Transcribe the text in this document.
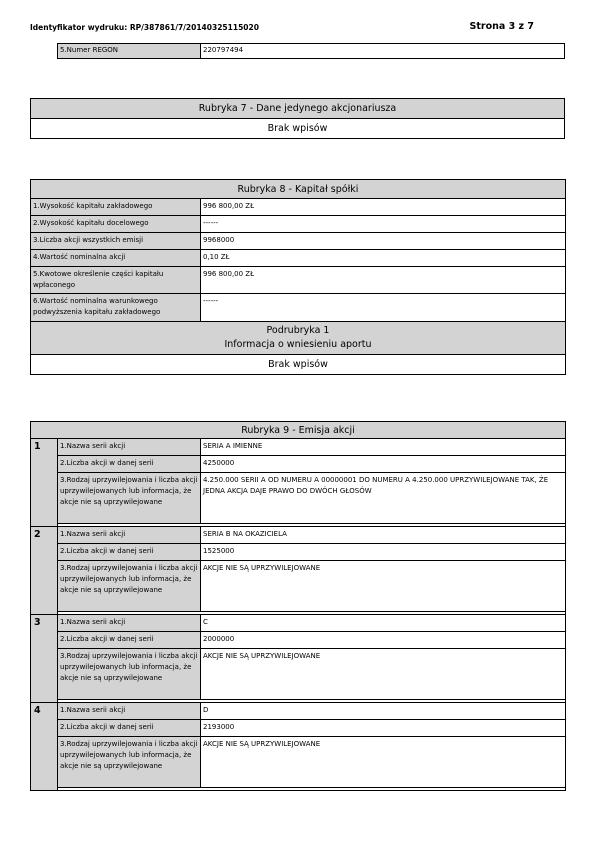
Identyfikator wydruku: RP/387861/7/20140325115020	Strona 3 z 7
5.Numer REGON	220797494
Rubryka 7 - Dane jedynego akcjonariusza
Brak wpisów
Rubryka 8 - Kapitał spółki	
1.Wysokość kapitału zakładowego	996 800,00 ZŁ
2.Wysokość kapitału docelowego	------
3.Liczba akcji wszystkich emisji	9968000
4.Wartość nominalna akcji	0,10 ZŁ
5.Kwotowe określenie części kapitału wpłaconego	996 800,00 ZŁ
6.Wartość nominalna warunkowego podwyższenia kapitału zakładowego	------

Podrubryka 1
Informacja o wniesieniu aportu	

Brak wpisów	
Rubryka 9 - Emisja akcji		
1	1.Nazwa serii akcji	SERIA A IMIENNE
	2.Liczba akcji w danej serii	4250000
	3.Rodzaj uprzywilejowania i liczba akcji uprzywilejowanych lub informacja, że akcje nie są uprzywilejowane	4.250.000 SERII A OD NUMERU A 00000001 DO NUMERU A 4.250.000 UPRZYWILEJOWANE TAK, ŻE JEDNA AKCJA DAJE PRAWO DO DWÓCH GŁOSÓW

2	1.Nazwa serii akcji	SERIA B NA OKAZICIELA
	2.Liczba akcji w danej serii	1525000
	3.Rodzaj uprzywilejowania i liczba akcji uprzywilejowanych lub informacja, że akcje nie są uprzywilejowane	AKCJE NIE SĄ UPRZYWILEJOWANE

3	1.Nazwa serii akcji	C
	2.Liczba akcji w danej serii	2000000
	3.Rodzaj uprzywilejowania i liczba akcji uprzywilejowanych lub informacja, że akcje nie są uprzywilejowane	AKCJE NIE SĄ UPRZYWILEJOWANE

4	1.Nazwa serii akcji	D
	2.Liczba akcji w danej serii	2193000
	3.Rodzaj uprzywilejowania i liczba akcji uprzywilejowanych lub informacja, że akcje nie są uprzywilejowane	AKCJE NIE SĄ UPRZYWILEJOWANE
